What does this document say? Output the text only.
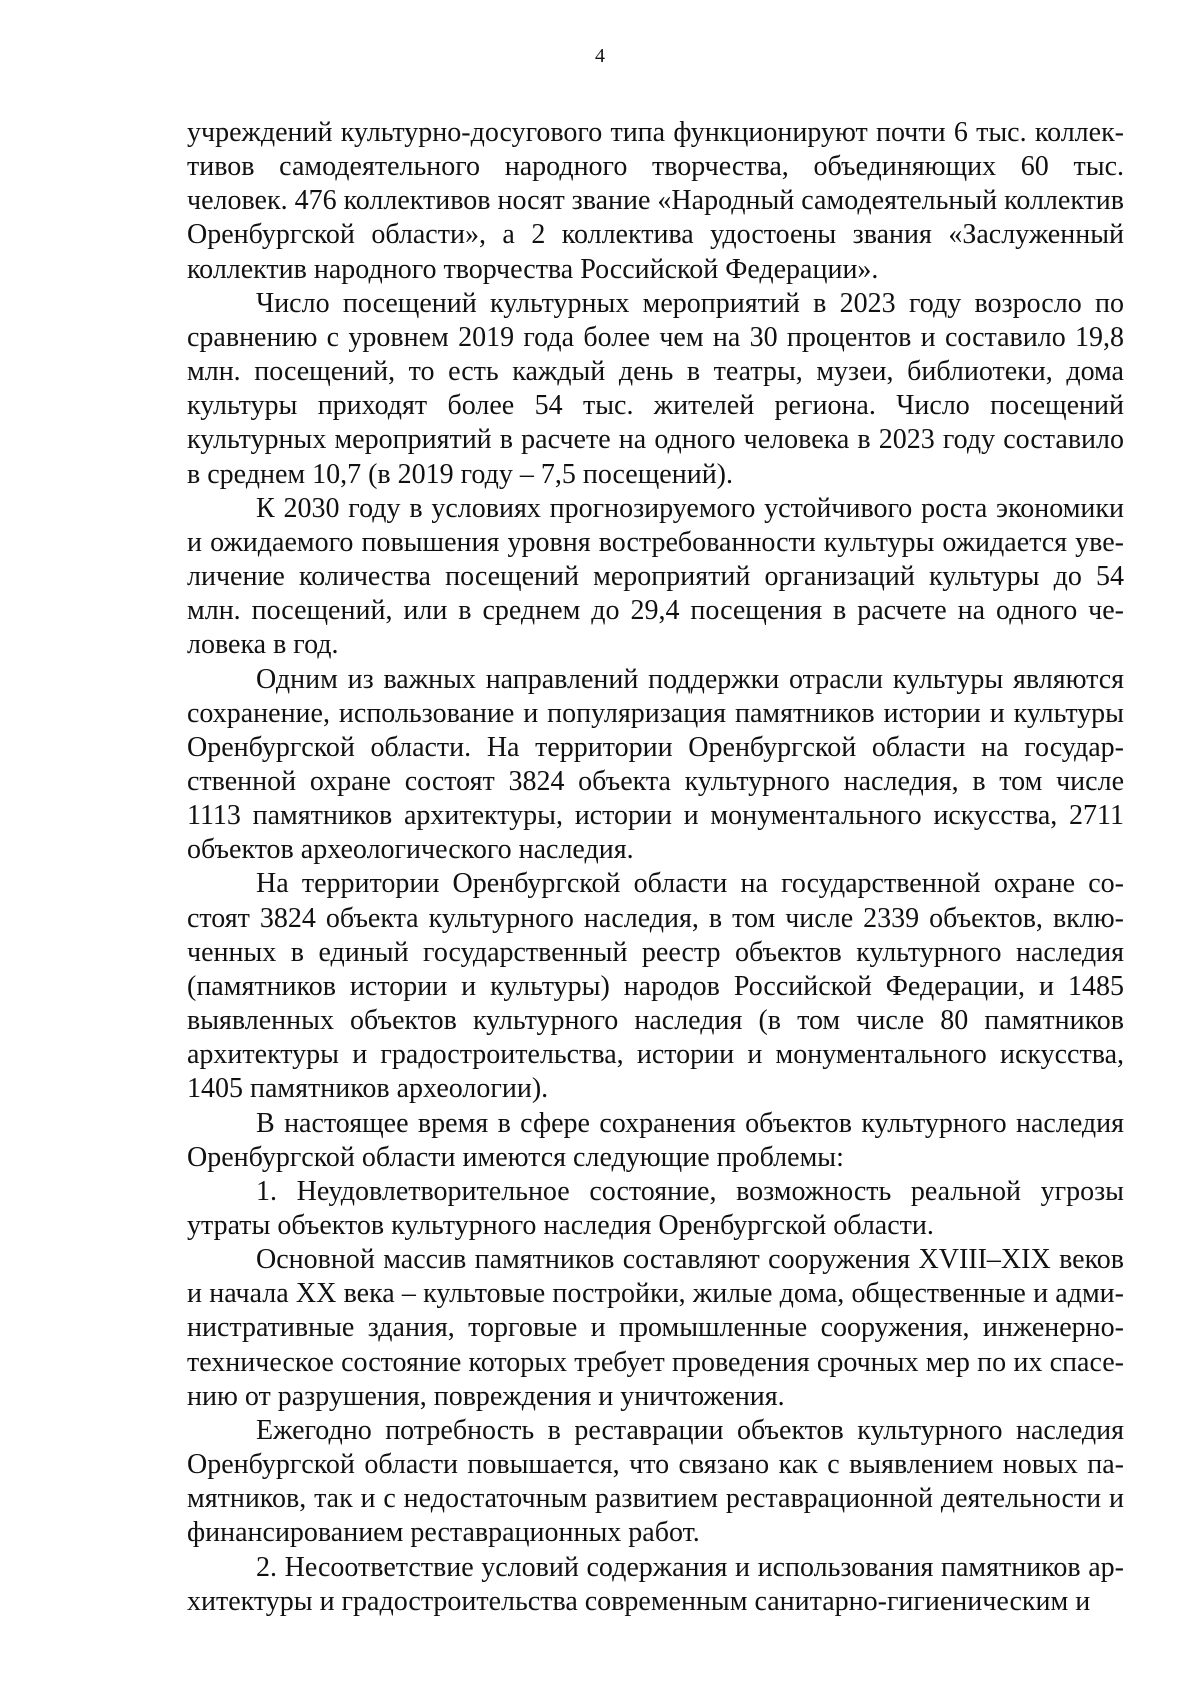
4

учреждений культурно-досугового типа функционируют почти 6 тыс. коллективов самодеятельного народного творчества, объединяющих 60 тыс. человек. 476 коллективов носят звание «Народный самодеятельный коллектив Оренбургской области», а 2 коллектива удостоены звания «Заслуженный коллектив народного творчества Российской Федерации».

Число посещений культурных мероприятий в 2023 году возросло по сравнению с уровнем 2019 года более чем на 30 процентов и составило 19,8 млн. посещений, то есть каждый день в театры, музеи, библиотеки, дома культуры приходят более 54 тыс. жителей региона. Число посещений культурных мероприятий в расчете на одного человека в 2023 году составило в среднем 10,7 (в 2019 году – 7,5 посещений).

К 2030 году в условиях прогнозируемого устойчивого роста экономики и ожидаемого повышения уровня востребованности культуры ожидается увеличение количества посещений мероприятий организаций культуры до 54 млн. посещений, или в среднем до 29,4 посещения в расчете на одного человека в год.

Одним из важных направлений поддержки отрасли культуры являются сохранение, использование и популяризация памятников истории и культуры Оренбургской области. На территории Оренбургской области на государственной охране состоят 3824 объекта культурного наследия, в том числе 1113 памятников архитектуры, истории и монументального искусства, 2711 объектов археологического наследия.

На территории Оренбургской области на государственной охране состоят 3824 объекта культурного наследия, в том числе 2339 объектов, включенных в единый государственный реестр объектов культурного наследия (памятников истории и культуры) народов Российской Федерации, и 1485 выявленных объектов культурного наследия (в том числе 80 памятников архитектуры и градостроительства, истории и монументального искусства, 1405 памятников археологии).

В настоящее время в сфере сохранения объектов культурного наследия Оренбургской области имеются следующие проблемы:

1. Неудовлетворительное состояние, возможность реальной угрозы утраты объектов культурного наследия Оренбургской области.

Основной массив памятников составляют сооружения XVIII–XIX веков и начала XX века – культовые постройки, жилые дома, общественные и административные здания, торговые и промышленные сооружения, инженерно-техническое состояние которых требует проведения срочных мер по их спасению от разрушения, повреждения и уничтожения.

Ежегодно потребность в реставрации объектов культурного наследия Оренбургской области повышается, что связано как с выявлением новых памятников, так и с недостаточным развитием реставрационной деятельности и финансированием реставрационных работ.

2. Несоответствие условий содержания и использования памятников архитектуры и градостроительства современным санитарно-гигиеническим и
